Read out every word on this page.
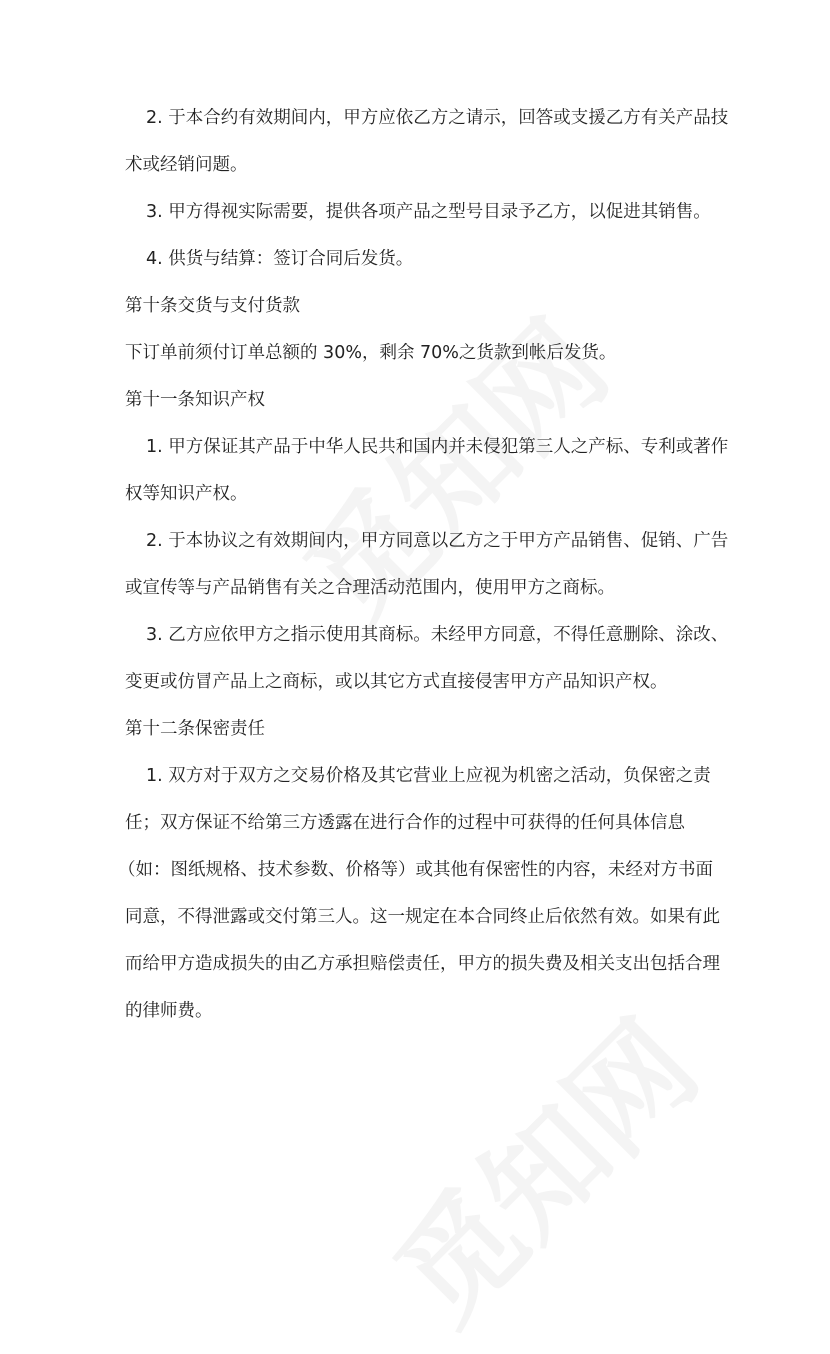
2. 于本合约有效期间内，甲方应依乙方之请示，回答或支援乙方有关产品技
术或经销问题。
3. 甲方得视实际需要，提供各项产品之型号目录予乙方，以促进其销售。
4. 供货与结算：签订合同后发货。
第十条交货与支付货款
下订单前须付订单总额的 30%，剩余 70%之货款到帐后发货。
第十一条知识产权
1. 甲方保证其产品于中华人民共和国内并未侵犯第三人之产标、专利或著作
权等知识产权。
2. 于本协议之有效期间内，甲方同意以乙方之于甲方产品销售、促销、广告
或宣传等与产品销售有关之合理活动范围内，使用甲方之商标。
3. 乙方应依甲方之指示使用其商标。未经甲方同意，不得任意删除、涂改、
变更或仿冒产品上之商标，或以其它方式直接侵害甲方产品知识产权。
第十二条保密责任
1. 双方对于双方之交易价格及其它营业上应视为机密之活动，负保密之责
任；双方保证不给第三方透露在进行合作的过程中可获得的任何具体信息
（如：图纸规格、技术参数、价格等）或其他有保密性的内容，未经对方书面
同意，不得泄露或交付第三人。这一规定在本合同终止后依然有效。如果有此
而给甲方造成损失的由乙方承担赔偿责任，甲方的损失费及相关支出包括合理
的律师费。
